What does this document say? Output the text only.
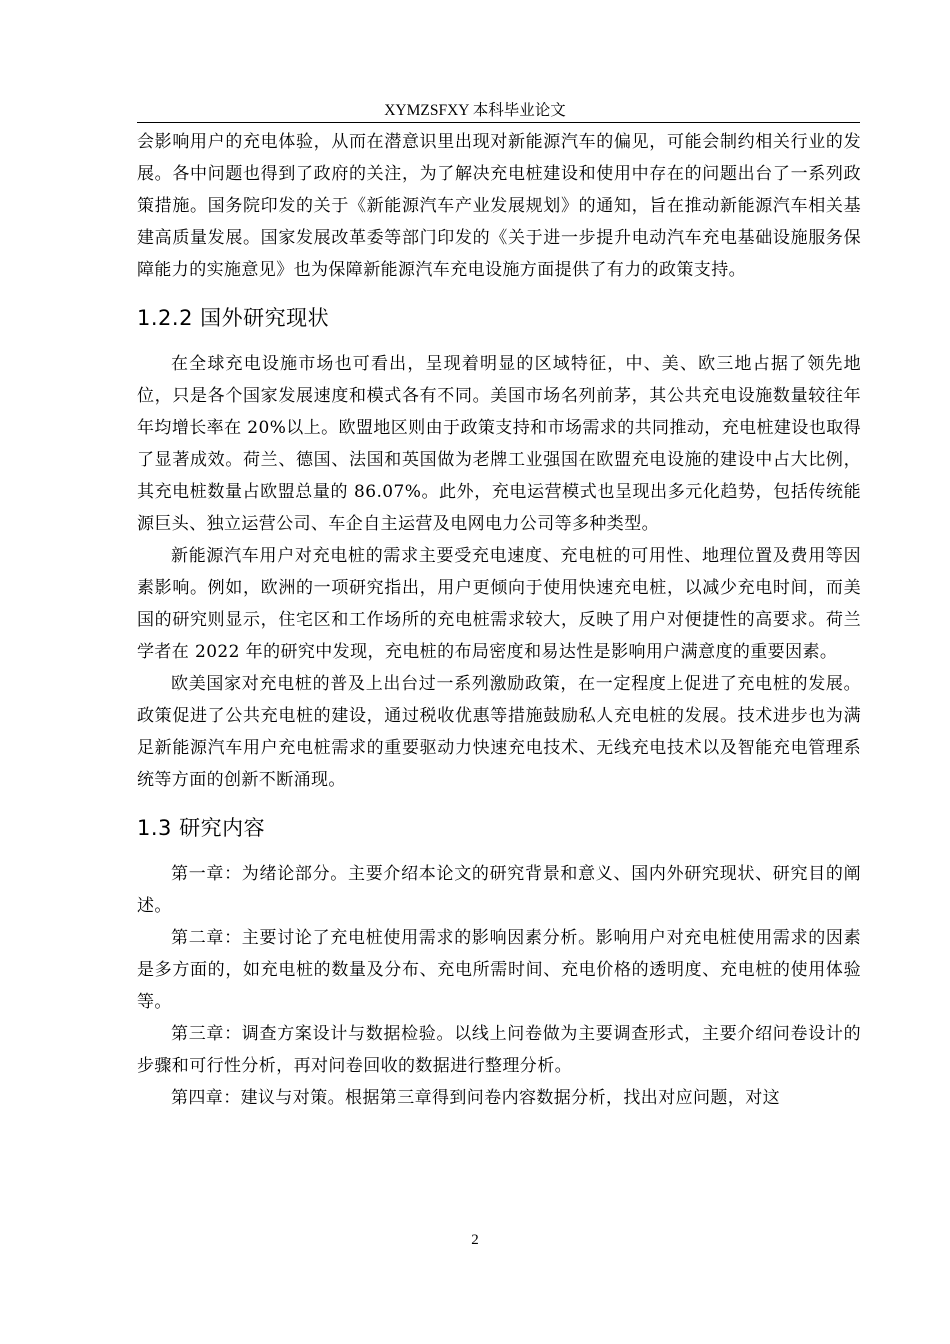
XYMZSFXY 本科毕业论文

会影响用户的充电体验，从而在潜意识里出现对新能源汽车的偏见，可能会制约相关行业的发展。各中问题也得到了政府的关注，为了解决充电桩建设和使用中存在的问题出台了一系列政策措施。国务院印发的关于《新能源汽车产业发展规划》的通知，旨在推动新能源汽车相关基建高质量发展。国家发展改革委等部门印发的《关于进一步提升电动汽车充电基础设施服务保障能力的实施意见》也为保障新能源汽车充电设施方面提供了有力的政策支持。

1.2.2 国外研究现状

在全球充电设施市场也可看出，呈现着明显的区域特征，中、美、欧三地占据了领先地位，只是各个国家发展速度和模式各有不同。美国市场名列前茅，其公共充电设施数量较往年年均增长率在 20%以上。欧盟地区则由于政策支持和市场需求的共同推动，充电桩建设也取得了显著成效。荷兰、德国、法国和英国做为老牌工业强国在欧盟充电设施的建设中占大比例，其充电桩数量占欧盟总量的 86.07%。此外，充电运营模式也呈现出多元化趋势，包括传统能源巨头、独立运营公司、车企自主运营及电网电力公司等多种类型。

新能源汽车用户对充电桩的需求主要受充电速度、充电桩的可用性、地理位置及费用等因素影响。例如，欧洲的一项研究指出，用户更倾向于使用快速充电桩，以减少充电时间，而美国的研究则显示，住宅区和工作场所的充电桩需求较大，反映了用户对便捷性的高要求。荷兰学者在 2022 年的研究中发现，充电桩的布局密度和易达性是影响用户满意度的重要因素。

欧美国家对充电桩的普及上出台过一系列激励政策，在一定程度上促进了充电桩的发展。政策促进了公共充电桩的建设，通过税收优惠等措施鼓励私人充电桩的发展。技术进步也为满足新能源汽车用户充电桩需求的重要驱动力快速充电技术、无线充电技术以及智能充电管理系统等方面的创新不断涌现。

1.3 研究内容

第一章：为绪论部分。主要介绍本论文的研究背景和意义、国内外研究现状、研究目的阐述。

第二章：主要讨论了充电桩使用需求的影响因素分析。影响用户对充电桩使用需求的因素是多方面的，如充电桩的数量及分布、充电所需时间、充电价格的透明度、充电桩的使用体验等。

第三章：调查方案设计与数据检验。以线上问卷做为主要调查形式，主要介绍问卷设计的步骤和可行性分析，再对问卷回收的数据进行整理分析。

第四章：建议与对策。根据第三章得到问卷内容数据分析，找出对应问题，对这

2
